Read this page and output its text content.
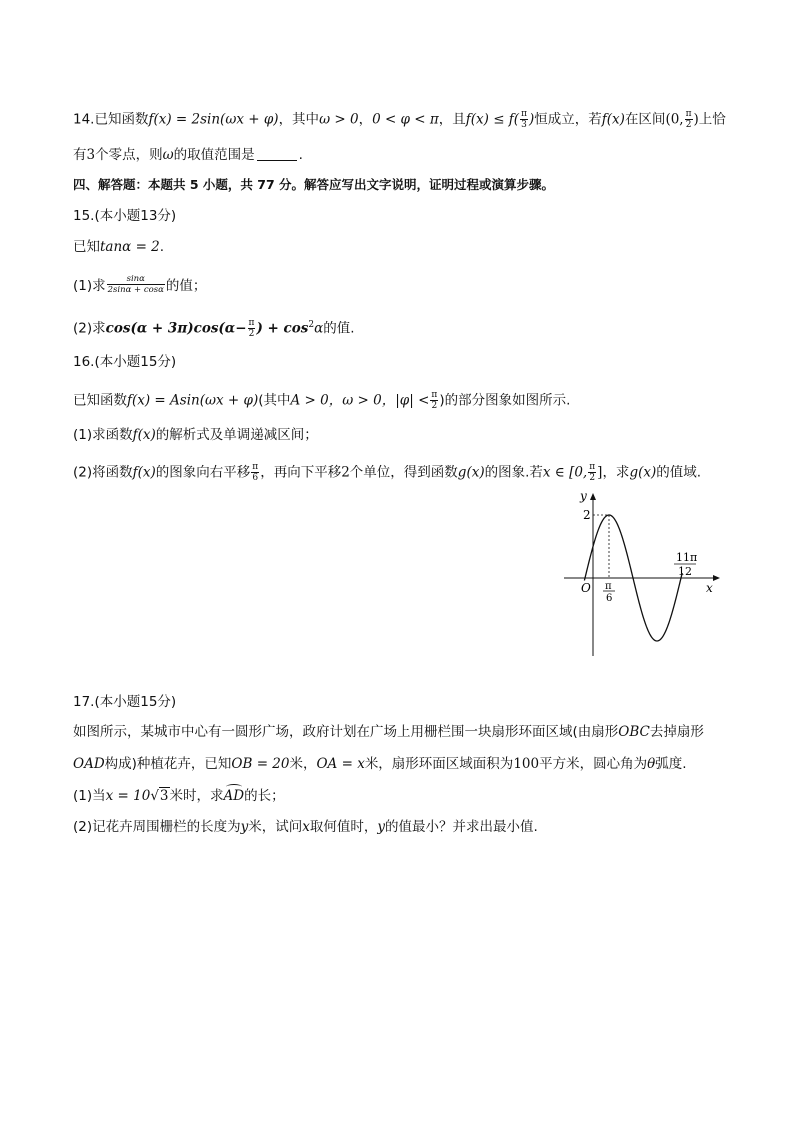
14.已知函数f(x) = 2sin(ωx + φ)，其中ω > 0，0 < φ < π，且$f(x) \le f( \frac{\pi}{3}$ )恒成立，若f(x)在区间(0, $\frac{\pi}{2}$ )上恰
有3个零点，则ω的取值范围是	.
四、解答题：本题共 5 小题，共 77 分。解答应写出文字说明，证明过程或演算步骤。
15.(本小题13分)
已知tanα = 2.
(1)求 $\frac{\sin\alpha}{2\sin\alpha + \cos\alpha}$ 的值；
(2)求$\cos(\alpha + 3\pi)\cos(\alpha- \frac{\pi}{2}$ ) + $\cos^2\alpha$的值.
16.(本小题15分)
已知函数f(x) = Asin(ωx + φ)(其中A > 0，ω > 0，$|\varphi| < \frac{\pi}{2}$ )的部分图象如图所示.
(1)求函数f(x)的解析式及单调递减区间；
(2)将函数f(x)的图象向右平移 $\frac{\pi}{6}$ ，再向下平移2个单位，得到函数g(x)的图象.若x ∈ [0, $\frac{\pi}{2}$ ]，求g(x)的值域.
y
x
O
2
π
6
11π
12
17.(本小题15分)
如图所示，某城市中心有一圆形广场，政府计划在广场上用栅栏围一块扇形环面区域(由扇形OBC去掉扇形
OAD构成)种植花卉，已知OB = 20米，OA = x米，扇形环面区域面积为100平方米，圆心角为θ弧度.
(1)当x = 10√3米时，求AD的长；
(2)记花卉周围栅栏的长度为y米，试问x取何值时，y的值最小？并求出最小值.
